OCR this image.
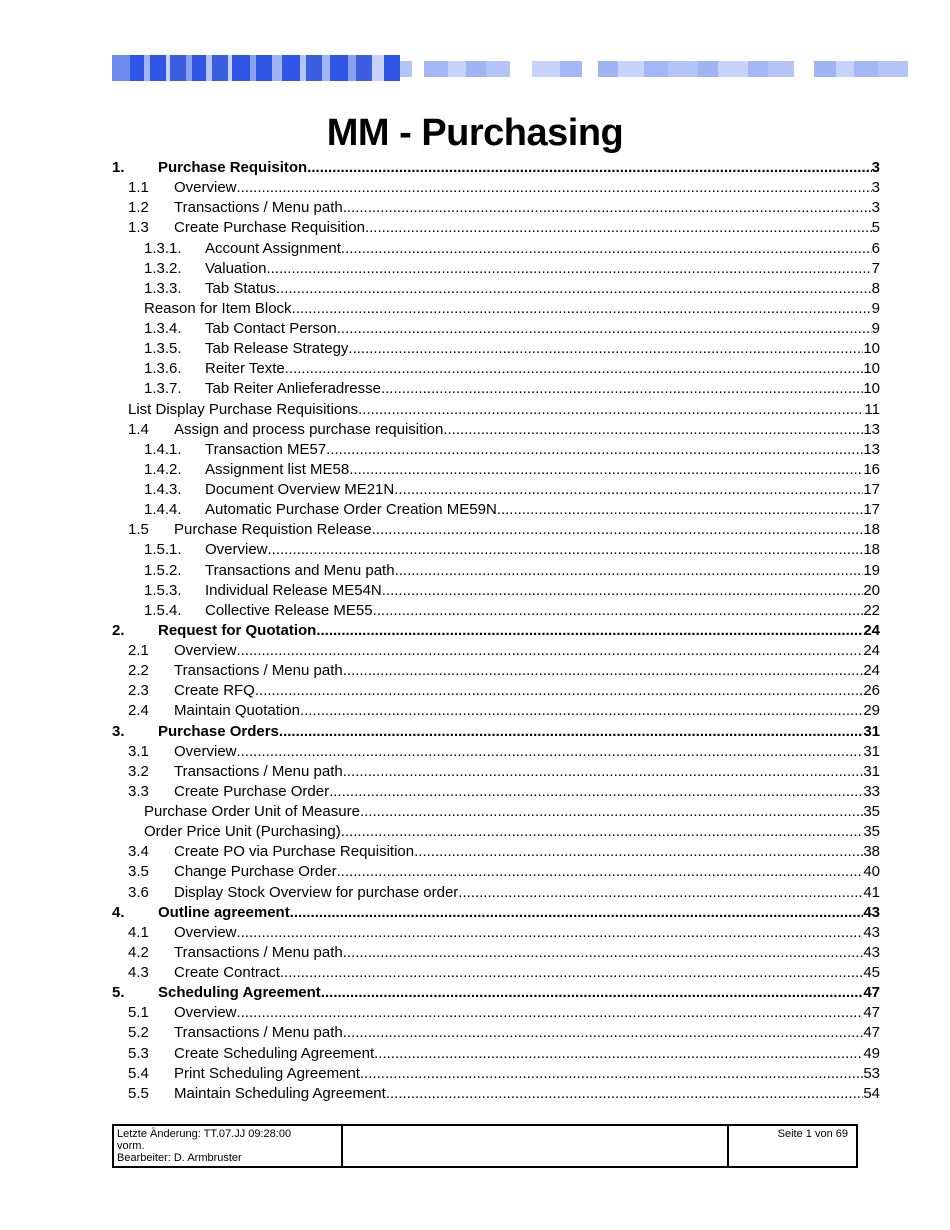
MM - Purchasing
1.	Purchase Requisiton .....	3
1.1	Overview .....	3
1.2	Transactions / Menu path .....	3
1.3	Create Purchase Requisition .....	5
1.3.1.	Account Assignment .....	6
1.3.2.	Valuation .....	7
1.3.3.	Tab Status .....	8
Reason for Item Block .....	9
1.3.4.	Tab Contact Person .....	9
1.3.5.	Tab Release Strategy .....	10
1.3.6.	Reiter Texte .....	10
1.3.7.	Tab Reiter Anlieferadresse .....	10
List Display Purchase Requisitions .....	11
1.4	Assign and process purchase requisition .....	13
1.4.1.	Transaction ME57 .....	13
1.4.2.	Assignment list ME58 .....	16
1.4.3.	Document Overview ME21N .....	17
1.4.4.	Automatic Purchase Order Creation ME59N .....	17
1.5	Purchase Requistion Release .....	18
1.5.1.	Overview .....	18
1.5.2.	Transactions and Menu path .....	19
1.5.3.	Individual Release ME54N .....	20
1.5.4.	Collective Release ME55 .....	22
2.	Request for Quotation .....	24
2.1	Overview .....	24
2.2	Transactions / Menu path .....	24
2.3	Create RFQ .....	26
2.4	Maintain Quotation .....	29
3.	Purchase Orders .....	31
3.1	Overview .....	31
3.2	Transactions / Menu path .....	31
3.3	Create Purchase Order .....	33
Purchase Order Unit of Measure .....	35
Order Price Unit (Purchasing) .....	35
3.4	Create PO via Purchase Requisition .....	38
3.5	Change Purchase Order .....	40
3.6	Display Stock Overview for purchase order .....	41
4.	Outline agreement .....	43
4.1	Overview .....	43
4.2	Transactions / Menu path .....	43
4.3	Create Contract .....	45
5.	Scheduling Agreement .....	47
5.1	Overview .....	47
5.2	Transactions / Menu path .....	47
5.3	Create Scheduling Agreement .....	49
5.4	Print Scheduling Agreement .....	53
5.5	Maintain Scheduling Agreement .....	54
Letzte Änderung: TT.07.JJ 09:28:00
vorm.
Bearbeiter: D. Armbruster
Seite 1 von 69
